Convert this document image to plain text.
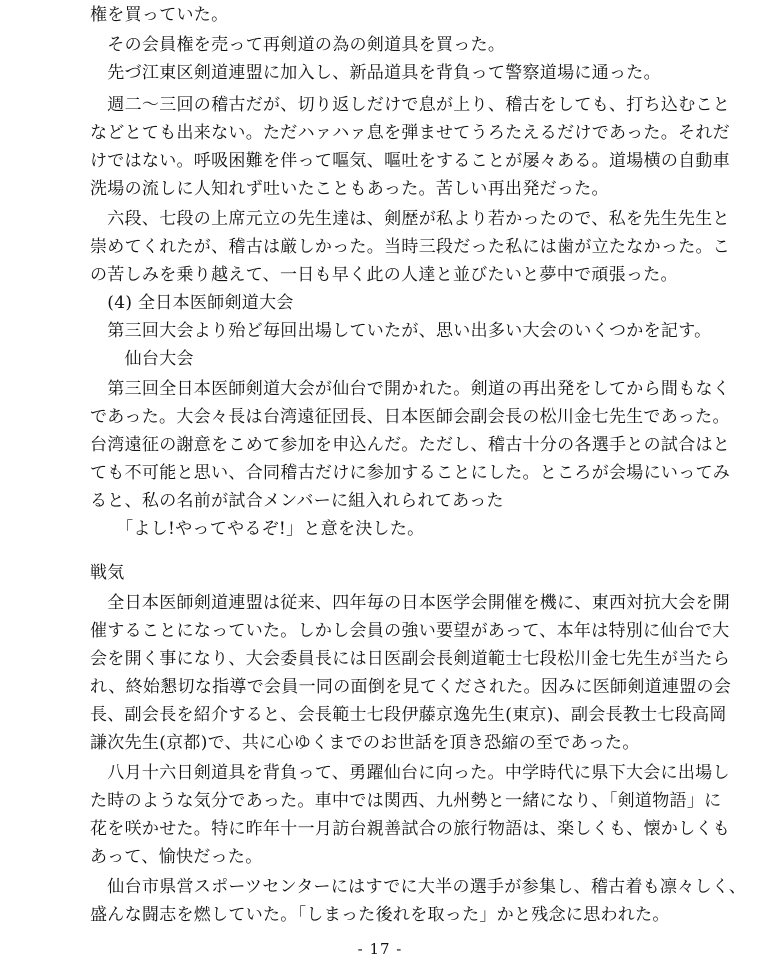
権を買っていた。
　その会員権を売って再剣道の為の剣道具を買った。
　先づ江東区剣道連盟に加入し、新品道具を背負って警察道場に通った。
　週二〜三回の稽古だが、切り返しだけで息が上り、稽古をしても、打ち込むこと
などとても出来ない。ただハァハァ息を弾ませてうろたえるだけであった。それだ
けではない。呼吸困難を伴って嘔気、嘔吐をすることが屡々ある。道場横の自動車
洗場の流しに人知れず吐いたこともあった。苦しい再出発だった。
　六段、七段の上席元立の先生達は、剣歴が私より若かったので、私を先生先生と
崇めてくれたが、稽古は厳しかった。当時三段だった私には歯が立たなかった。こ
の苦しみを乗り越えて、一日も早く此の人達と並びたいと夢中で頑張った。
　(4) 全日本医師剣道大会
　第三回大会より殆ど毎回出場していたが、思い出多い大会のいくつかを記す。
　　仙台大会
　第三回全日本医師剣道大会が仙台で開かれた。剣道の再出発をしてから間もなく
であった。大会々長は台湾遠征団長、日本医師会副会長の松川金七先生であった。
台湾遠征の謝意をこめて参加を申込んだ。ただし、稽古十分の各選手との試合はと
ても不可能と思い、合同稽古だけに参加することにした。ところが会場にいってみ
ると、私の名前が試合メンバーに組入れられてあった
　　「よし!やってやるぞ!」と意を決した。
戦気
　全日本医師剣道連盟は従来、四年毎の日本医学会開催を機に、東西対抗大会を開
催することになっていた。しかし会員の強い要望があって、本年は特別に仙台で大
会を開く事になり、大会委員長には日医副会長剣道範士七段松川金七先生が当たら
れ、終始懇切な指導で会員一同の面倒を見てくだされた。因みに医師剣道連盟の会
長、副会長を紹介すると、会長範士七段伊藤京逸先生(東京)、副会長教士七段高岡
謙次先生(京都)で、共に心ゆくまでのお世話を頂き恐縮の至であった。
　八月十六日剣道具を背負って、勇躍仙台に向った。中学時代に県下大会に出場し
た時のような気分であった。車中では関西、九州勢と一緒になり、「剣道物語」に
花を咲かせた。特に昨年十一月訪台親善試合の旅行物語は、楽しくも、懐かしくも
あって、愉快だった。
　仙台市県営スポーツセンターにはすでに大半の選手が参集し、稽古着も凛々しく、
盛んな闘志を燃していた。「しまった後れを取った」かと残念に思われた。
- 17 -
